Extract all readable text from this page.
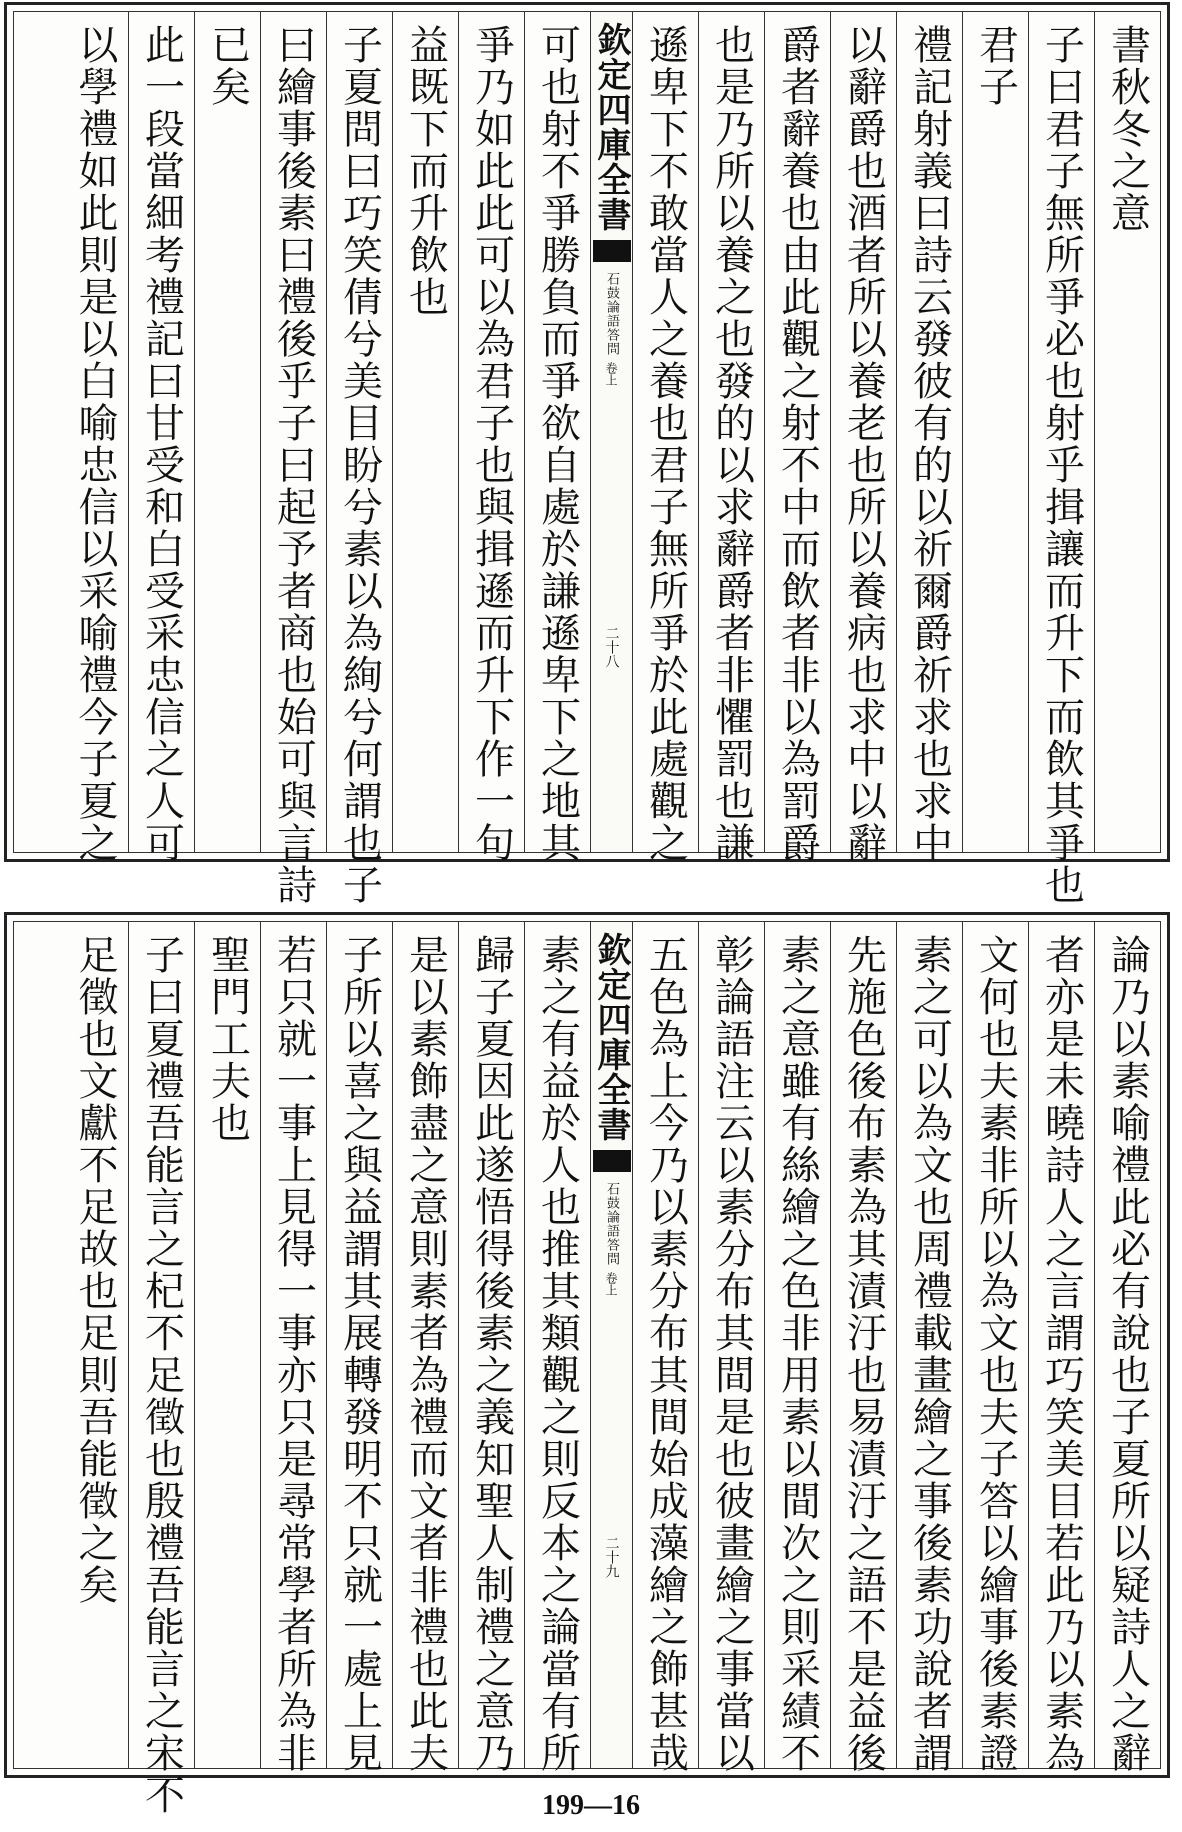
書秋冬之意
子曰君子無所爭必也射乎揖讓而升下而飲其爭也
君子
禮記射義曰詩云發彼有的以祈爾爵祈求也求中
以辭爵也酒者所以養老也所以養病也求中以辭
爵者辭養也由此觀之射不中而飲者非以為罰爵
也是乃所以養之也發的以求辭爵者非懼罰也謙
遜卑下不敢當人之養也君子無所爭於此處觀之
欽定四庫全書
石鼓論語答問
卷上
二十八
可也射不爭勝負而爭欲自處於謙遜卑下之地其
爭乃如此此可以為君子也與揖遜而升下作一句
益既下而升飲也
子夏問曰巧笑倩兮美目盼兮素以為絢兮何謂也子
曰繪事後素曰禮後乎子曰起予者商也始可與言詩
已矣
此一段當細考禮記曰甘受和白受采忠信之人可
以學禮如此則是以白喻忠信以采喻禮今子夏之
論乃以素喻禮此必有說也子夏所以疑詩人之辭
者亦是未曉詩人之言謂巧笑美目若此乃以素為
文何也夫素非所以為文也夫子答以繪事後素證
素之可以為文也周禮載畫繪之事後素功說者謂
先施色後布素為其漬汙也易漬汙之語不是益後
素之意雖有絲繪之色非用素以間次之則采績不
彰論語注云以素分布其間是也彼畫繪之事當以
五色為上今乃以素分布其間始成藻繪之飾甚哉
欽定四庫全書
石鼓論語答問
卷上
二十九
素之有益於人也推其類觀之則反本之論當有所
歸子夏因此遂悟得後素之義知聖人制禮之意乃
是以素飾盡之意則素者為禮而文者非禮也此夫
子所以喜之與益謂其展轉發明不只就一處上見
若只就一事上見得一事亦只是尋常學者所為非
聖門工夫也
子曰夏禮吾能言之杞不足徵也殷禮吾能言之宋不
足徵也文獻不足故也足則吾能徵之矣
199—16
